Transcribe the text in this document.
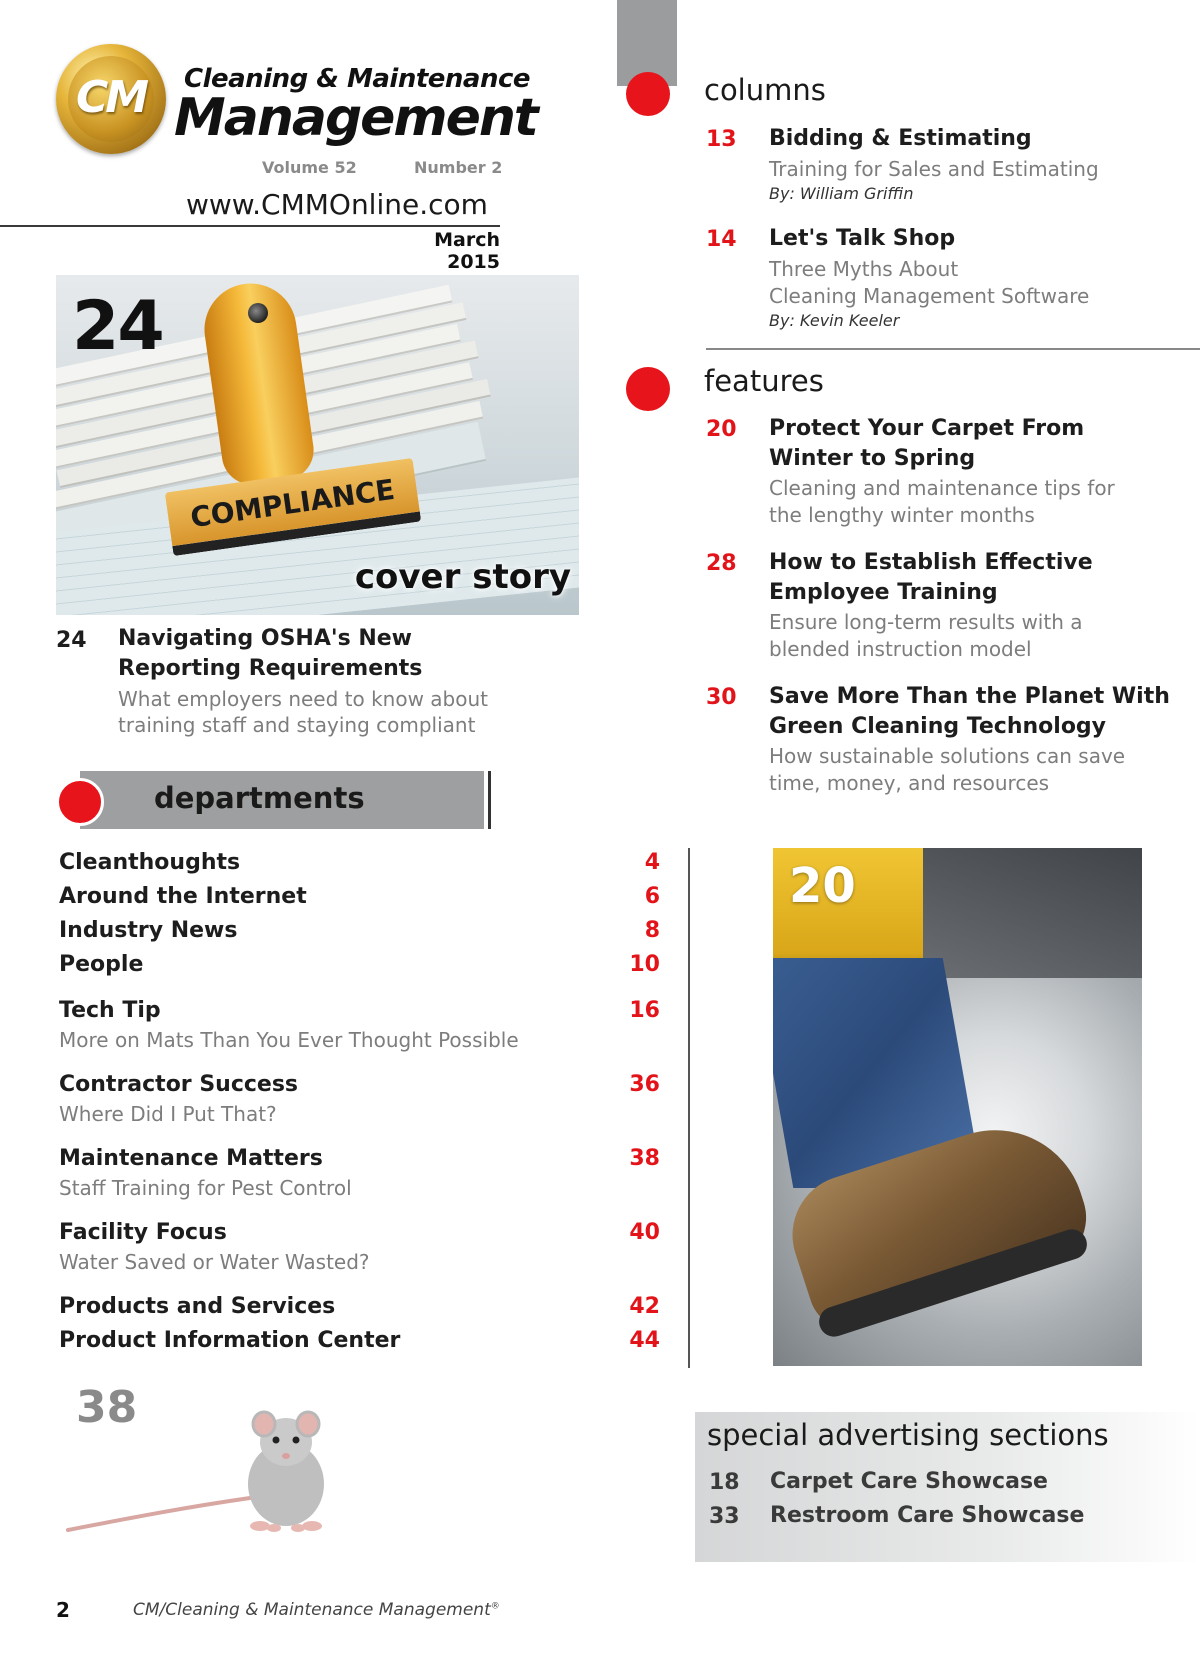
CM	Cleaning & Maintenance
Management
Volume 52	Number 2
www.CMMOnline.com
March 2015
COMPLIANCE
24
cover story
24 Navigating OSHA's New
Reporting Requirements
What employers need to know about
training staff and staying compliant
departments
Cleanthoughts	4
Around the Internet	6
Industry News	8
People	10
Tech Tip	16
More on Mats Than You Ever Thought Possible
Contractor Success	36
Where Did I Put That?
Maintenance Matters	38
Staff Training for Pest Control
Facility Focus	40
Water Saved or Water Wasted?
Products and Services	42
Product Information Center	44
38
2	CM/Cleaning & Maintenance Management®
columns
13 Bidding & Estimating
Training for Sales and Estimating
By: William Griffin
14 Let's Talk Shop
Three Myths About
Cleaning Management Software
By: Kevin Keeler
features
20 Protect Your Carpet From
Winter to Spring
Cleaning and maintenance tips for
the lengthy winter months
28 How to Establish Effective
Employee Training
Ensure long-term results with a
blended instruction model
30 Save More Than the Planet With
Green Cleaning Technology
How sustainable solutions can save
time, money, and resources
20
special advertising sections
18 Carpet Care Showcase
33 Restroom Care Showcase
